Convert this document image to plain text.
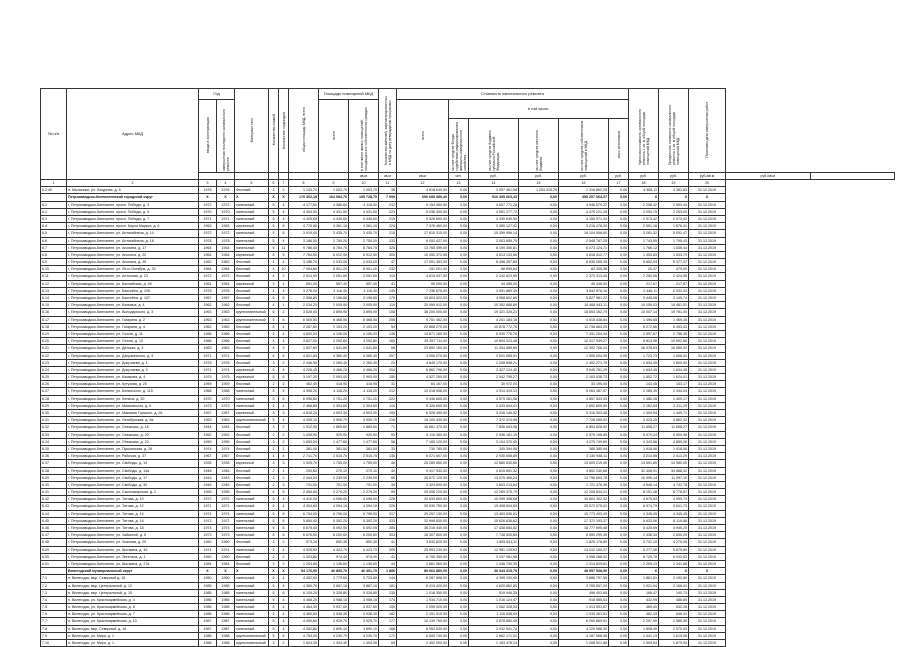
№ п/п	Адрес МКД	Год		Материал стен	Количество этажей	Количество подъездов	общая площадь МКД, всего	Площадь помещений МКД		Количество жителей, зарегистрированных в МКД на дату утверждения программы	Стоимость капитального ремонта						Удельная стоимость капитального ремонта 1 кв. м общей площади помещений МКД	Предельная стоимость капитального ремонта 1 кв. м общей площади помещений МКД	Плановая дата завершения работ		
		ввода в эксплуатацию	завершения последнего капитального ремонта					всего	в том числе жилых помещений, находящихся в собственности граждан		всего	в том числе:									
												за счет средств Фонда содействия реформированию жилищно-коммунального хозяйства	за счет средств бюджета субъекта Российской Федерации	за счет средств местного бюджета	за счет средств собственников помещений в МКД	иных источников					
									кв.м	кв.м	кв.м	чел.	руб.	руб.	руб.	руб.	руб.	руб.	руб./кв.м	руб./кв.м	
1	2	3	4	5	6	7	8	9	10	11	12	13	14	15	16	17	18	19	20		
5.2.40	п. Мыльники, ул. Лазурная, д. 5	1976	1976	блочный	3	2	1 143,70	1 003,70	1 003,70	38	4 618 640,00	0,00	3 097 461,96	1 204 315,79	1 316 862,25	0,00	4 368,11	4 381,63	31.12.2019		
	Петрозаводско-Кингисеппский городской округ	X	X	X	X	X	170 402,18	164 084,70	155 728,70	7 999	696 685 980,40	0,00	510 395 663,43	0,00	395 257 064,37	0,00	X	X	X		
6.1	г. Петрозаводско-Кингисепп, просп. Победы, д. 3	1972	1972	панельный	5	4	4 177,50	4 386,60	4 116,00	212	9 154 450,50	0,00	4 607 771,28	0,00	4 546 679,22	0,00	2 298,42	2 553,44	31.12.2019		
6.2	г. Петрозаводско-Кингисепп, просп. Победы, д. 5	1970	1970	панельный	5	4	4 404,50	4 431,50	4 431,50	223	9 036 400,00	0,00	4 551 177,72	0,00	4 475 221,28	0,00	2 053,75	2 253,00	31.12.2019		
6.3	г. Петрозаводско-Кингисепп, просп. Победы, д. 7	1971	1971	панельный	5	4	4 405,60	4 445,60	4 445,60	215	9 526 690,00	0,00	3 339 649,50	0,00	4 155 971,34	0,00	2 073,42	2 073,42	31.12.2019		
6.4	г. Петрозаводско-Кингисепп, просп. Карла Маркса, д. 6	1963	1963	кирпичный	5	6	4 778,80	4 361,10	4 361,10	224	7 976 460,00	0,00	3 389 127,42	0,00	3 216 478,20	0,00	2 551,16	1 676,41	31.12.2019		
6.5	г. Петрозаводско-Кингисепп, ул. Антикайнена, д. 14	1972	1972	панельный	5	6	3 919,40	3 435,70	3 435,70	215	17 810 315,00	0,00	15 359 996,14	0,00	18 104 556,60	0,00	3 281,32	5 091,47	31.12.2019		
6.6	г. Петрозаводско-Кингисепп, ул. Антикайнена, д. 16	1978	1978	панельный	5	4	3 166,50	2 750,20	2 750,20	133	6 052 427,00	0,00	2 503 659,75	0,00	2 548 767,25	0,00	1 743,95	1 795,43	31.12.2019		
6.7	г. Петрозаводско-Кингисепп, ул. Анохина, д. 17	1964	1964	панельный	5	11	9 786,00	8 784,70	8 784,70	325	13 765 499,00	0,00	6 159 355,81	0,00	6 073 124,71	0,00	1 766,12	1 836,44	31.12.2019		
6.8	г. Петрозаводско-Кингисепп, ул. Анохина, д. 22	1964	1964	кирпичный	5	5	7 764,00	6 912,90	6 912,90	305	10 050 372,00	0,00	4 613 133,66	0,00	4 618 412,77	0,00	1 453,83	1 533,79	31.12.2019		
6.9	г. Петрозаводско-Кингисепп, ул. Анохина, д. 25	1962	1962	блочный	4	4	3 186,70	2 033,00	2 033,00	47	17 091 453,00	0,00	8 456 397,65	0,00	8 635 055,35	0,00	5 652,94	5 377,37	31.12.2019		
6.10	г. Петрозаводско-Кингисепп, ул. 25-го Октября, д. 33	1964	1964	блочный	4	10	7 404,60	6 901,20	6 901,20	232	151 001,00	0,00	68 695,64	0,00	82 305,36	0,00	20,37	479,00	31.12.2019		
6.11	г. Петрозаводско-Кингисепп, ул. Антонова, д. 23	1972	1972	блочный	4	2	2 514,00	2 051,60	2 051,60	113	4 615 937,00	0,00	2 242 623,55	0,00	2 373 313,45	0,00	2 250,06	2 424,55	31.12.2019		
6.12	г. Петрозаводско-Кингисепп, ул. Балтийская, д. 4б	1961	1961	кирпичный	3	1	591,00	557,40	557,40	41	99 000,00	0,00	44 485,00	0,00	45 446,00	0,00	217,67	217,67	31.12.2019		
6.13	г. Петрозаводско-Кингисепп, ул. Бассейна, д. 106	1976	1976	блочный	4	4	3 276,00	3 116,30	3 116,30	135	7 236 675,00	0,00	3 591 869,49	0,00	3 642 876,16	0,00	2 446,11	2 332,33	31.12.2019		
6.14	г. Петрозаводско-Кингисепп, ул. Бассейна, д. 107	1967	1967	блочный	5	6	2 556,80	3 196,80	3 196,80	179	10 603 522,00	0,00	4 968 602,66	0,00	5 827 981,22	0,00	3 445,08	3 145,74	31.12.2019		
6.15	г. Петрозаводско-Кингисепп, ул. Бахмача, д. 4	1962	1962	блочный	4	1	2 034,20	2 005,90	2 005,90	119	20 959 912,00	0,00	10 392 888,89	0,00	10 466 943,11	0,00	10 159,03	10 481,51	31.12.2019		
6.16	г. Петрозаводско-Кингисепп, ул. Володарского, д. 3	1963	1963	крупнопанельный	5	2	3 628,00	3 895,90	3 895,90	108	38 200 000,00	0,00	19 321 326,21	0,00	18 853 162,79	0,00	10 007,14	10 781,00	31.12.2019		
6.17	г. Петрозаводско-Кингисепп, ул. Гагарина, д. 2	1963	1963	крупнопанельный	5	6	6 505,50	6 468,50	6 468,50	259	9 751 452,00	0,00	4 201 184,16	0,00	4 515 438,84	0,00	1 496,65	1 469,35	31.12.2019		
6.18	г. Петрозаводско-Кингисепп, ул. Гагарина, д. 4	1962	1962	блочный	5	4	2 287,60	2 103,20	2 103,20	54	22 868 270,00	0,00	10 878 772,75	0,00	11 738 664,25	0,00	6 272,66	6 453,43	31.12.2019		
6.19	г. Петрозаводско-Кингисепп, ул. Гоголя, д. 11	1966	1966	блочный	5	4	4 600,00	4 106,00	4 106,00	135	14 871 180,00	0,00	6 935 776,76	0,00	7 431 204,44	0,00	2 597,67	2 756,35	31.12.2019		
6.20	г. Петрозаводско-Кингисепп, ул. Гоголя, д. 13	1966	1966	блочный	4	4	3 627,00	3 292,80	3 292,80	165	25 397 711,00	0,00	10 804 313,46	0,00	12 317 939,27	0,00	9 813,98	10 592,66	31.12.2019		
6.21	г. Петрозаводско-Кингисепп, ул. Детская, д. 3	1963	1963	блочный	5	3	1 627,60	1 541,80	1 541,80	68	23 692 150,00	0,00	11 304 589,85	0,00	12 392 708,24	0,00	16 378,63	16 980,02	31.12.2019		
6.22	г. Петрозаводско-Кингисепп, ул. Дзержинского, д. 9	1971	1971	блочный	4	6	4 821,83	4 380,40	4 380,40	257	3 906 070,00	0,00	2 001 065,91	0,00	1 905 004,09	0,00	1 723,73	1 656,01	31.12.2019		
6.23	г. Петрозаводско-Кингисепп, ул. Докучаева, д. 1	1976	1976	блочный	3	2	2 446,50	2 260,40	2 260,40	23	4 649 170,00	0,00	2 208 898,21	0,00	2 402 271,79	0,00	1 634,45	1 800,90	31.12.2019		
6.24	г. Петрозаводско-Кингисепп, ул. Докучаева, д. 3	1974	1974	кирпичный	5	4	4 226,45	4 466,20	4 466,20	204	6 862 796,00	0,00	3 327 124,40	0,00	3 545 781,29	0,00	1 634,45	1 634,45	31.12.2019		
6.25	г. Петрозаводско-Кингисепп, ул. Казакова, д. 4	1975	1975	кирпичный	5	6	3 197,30	2 993,00	2 993,00	150	4 527 250,00	0,00	2 042 795,27	0,00	2 163 038,73	0,00	1 552,72	1 624,01	31.12.2019		
6.26	г. Петрозаводско-Кингисепп, ул. Кутузова, д. 20	1959	1959	блочный	2	2	462,40	418,90	418,90	31	64 167,00	0,00	30 972,00	0,00	33 195,00	0,00	143,45	153,17	31.12.2019		
6.27	г. Петрозаводско-Кингисепп, ул. Белинского, д. 115	1968	1968	панельный	5	4	4 396,20	4 118,20	4 118,20	212	10 018 906,00	0,00	4 914 419,13	0,00	5 064 487,57	0,00	2 285,39	2 344,04	31.12.2019		
6.28	г. Петрозаводско-Кингисепп, ул. Ленина, д. 30	1970	1970	панельный	5	6	6 996,80	2 701,20	2 701,20	222	9 436 805,00	0,00	4 579 261,08	0,00	4 857 543,93	0,00	1 486,28	1 409,17	31.12.2019		
6.29	г. Петрозаводско-Кингисепп, ул. Маяковского, д. 5	1973	1973	панельный	5	4	2 468,85	2 304,60	2 304,60	110	5 326 650,00	0,00	2 433 844,41	0,00	2 892 805,59	0,00	2 162,84	2 311,29	31.12.2019		
6.30	г. Петрозаводско-Кингисепп, ул. Максима Горького, д. 26	1957	1957	кирпичный	3	3	4 818,20	4 503,30	4 503,30	195	6 528 450,00	0,00	3 216 146,52	0,00	3 316 303,48	0,00	1 354,94	1 449,71	31.12.2019		
6.31	г. Петрозаводско-Кингисепп, ул. Октябрьская, д. 9а	1963	1963	крупнопанельный	5	4	4 405,10	3 909,70	3 909,70	216	15 100 430,00	0,00	7 372 374,98	0,00	7 728 055,02	0,00	3 423,25	3 862,33	31.12.2019		
6.32	г. Петрозаводско-Кингисепп, ул. Онежская, д. 18	1944	1944	блочный	3	2	1 912,00	1 869,60	1 869,60	71	16 661 470,00	0,00	7 806 643,08	0,00	8 854 826,92	0,00	11 658,27	11 658,27	31.12.2019		
6.33	г. Петрозаводско-Кингисепп, ул. Онежская, д. 20	1952	1952	блочный	2	2	1 008,90	929,90	929,90	53	5 115 380,00	0,00	2 536 181,15	0,00	2 579 198,85	0,00	5 070,24	5 500,98	31.12.2019		
6.34	г. Петрозаводско-Кингисепп, ул. Онежская, д. 22	1959	1959	блочный	3	2	1 653,00	1 477,60	1 477,60	56	7 180 120,00	0,00	3 104 370,40	0,00	4 075 749,60	0,00	4 343,66	4 859,26	31.12.2019		
6.35	г. Петрозаводско-Кингисепп, ул. Пушкинская, д. 26	1974	1974	блочный	1	1	381,00	381,00	381,00	33	730 780,00	0,00	345 394,06	0,00	385 385,94	0,00	1 918,06	1 918,06	31.12.2019		
6.36	г. Петрозаводско-Кингисепп, ул. Рабочая, д. 37	1967	1967	блочный	4	4	2 741,70	2 515,70	2 515,70	135	6 071 607,00	0,00	2 930 658,89	0,00	3 140 948,11	0,00	2 214,55	2 413,29	31.12.2019		
6.37	г. Петрозаводско-Кингисепп, ул. Свободы, д. 14	1935	1935	кирпичный	3	3	1 925,70	1 755,00	1 755,00	46	26 289 850,00	0,00	12 680 630,60	0,00	13 609 219,40	0,00	13 651,89	14 980,00	31.12.2019		
6.38	г. Петрозаводско-Кингисепп, ул. Свободы, д. 14а	1946	1946	блочный	2	1	290,60	270,10	270,10	40	9 417 932,00	0,00	4 615 691,32	0,00	4 802 240,68	0,00	32 408,91	34 868,32	31.12.2019		
6.39	г. Петрозаводско-Кингисепп, ул. Свободы, д. 17	1943	1943	блочный	3	2	2 444,00	2 239,90	2 239,90	80	26 872 120,00	0,00	13 075 465,24	0,00	13 796 654,76	0,00	10 995,14	11 997,10	31.12.2019		
6.40	г. Петрозаводско-Кингисепп, ул. Свободы, д. 30	1945	1945	блочный	2	3	731,00	701,00	701,00	39	3 324 690,00	0,00	1 603 213,64	0,00	1 721 476,36	0,00	4 548,14	4 742,78	31.12.2019		
6.41	г. Петрозаводско-Кингисепп, ул. Сыктывкарская, д. 2	1955	1955	блочный	4	5	2 454,60	2 279,20	2 279,20	99	20 008 220,00	0,00	12 269 375,79	0,00	12 208 844,21	0,00	8 151,48	8 778,57	31.12.2019		
6.42	г. Петрозаводско-Кингисепп, ул. Титова, д. 10	1972	1972	панельный	5	4	4 410,00	4 098,00	4 098,00	228	20 633 600,00	0,00	10 099 398,68	0,00	10 604 302,32	0,00	4 675,83	4 999,74	31.12.2019		
6.43	г. Петрозаводско-Кингисепп, ул. Титова, д. 12	1971	1971	панельный	5	4	4 404,60	4 094,10	4 094,10	226	39 530 750,00	0,00	19 498 844,59	0,00	20 072 075,41	0,00	8 974,79	9 641,73	31.12.2019		
6.44	г. Петрозаводско-Кингисепп, ул. Титова, д. 14	1974	1974	панельный	5	6	6 734,00	6 796,00	6 796,00	317	29 257 130,00	0,00	13 483 636,51	0,00	15 773 493,49	0,00	4 345,45	4 345,45	31.12.2019		
6.45	г. Петрозаводско-Кингисепп, ул. Титова, д. 16	1972	1972	панельный	5	6	5 854,40	5 392,20	5 392,20	333	32 998 830,00	0,00	15 626 636,63	0,00	17 372 193,37	0,00	5 633,06	6 119,88	31.12.2019		
6.46	г. Петрозаводско-Кингисепп, ул. Титова, д. 18	1974	1974	панельный	5	6	6 675,00	6 092,00	6 092,00	285	36 216 440,00	0,00	17 438 684,52	0,00	18 777 695,48	0,00	5 425,69	5 945,25	31.12.2019		
6.47	г. Петрозаводско-Кингисепп, ул. Чайкиной, д. 5	1973	1973	панельный	5	6	6 676,00	6 200,60	6 200,60	303	16 307 800,00	0,00	7 748 500,65	0,00	8 559 299,35	0,00	2 436,34	2 630,29	31.12.2019		
6.48	г. Петрозаводско-Кингисепп, ул. Чкалова, д. 20	1960	1960	блочный	3	2	973,10	850,30	850,30	41	3 630 820,00	0,00	1 805 641,11	0,00	1 825 178,89	0,00	3 731,19	4 270,06	31.12.2019		
6.49	г. Петрозаводско-Кингисепп, ул. Шотмана, д. 49	1974	1974	панельный	5	4	4 925,90	4 423,70	4 423,70	209	25 993 230,00	0,00	12 981 129,93	0,00	13 012 100,07	0,00	5 277,06	5 875,89	31.12.2019		
6.50	г. Петрозаводско-Кингисепп, ул. Энгельса, д. 1	1950	1950	блочный	2	2	1 003,80	974,40	974,40	41	6 755 350,00	0,00	3 197 081,98	0,00	3 558 268,02	0,00	6 729,78	6 932,83	31.12.2019		
6.51	г. Петрозаводско-Кингисепп, ул. Шотмана, д. 27а	1984	1984	блочный	3	2	1 204,80	1 136,60	1 136,60	44	2 661 560,00	0,00	1 346 730,39	0,00	1 314 829,61	0,00	2 209,13	2 341,68	31.12.2019		
	Вилегодский муниципальный округ	X	X	X	X	X	54 176,90	46 895,70	46 401,70	1 886	89 662 880,00	0,00	36 043 315,79	0,00	48 957 938,59	0,00	X	X	X		
7.1	п. Вилегодск, мкр. Северный д. 15	1990	1990	панельный	5	4	4 452,00	3 779,60	3 733,80	144	8 287 898,00	0,00	4 399 100,45	0,00	3 888 797,55	0,00	1 861,61	2 192,80	31.12.2019		
7.2	п. Вилегодск, мкр. Центральный, д. 12	1985	1985	панельный	5	4	4 380,70	3 887,10	3 887,10	181	8 419 420,00	0,00	4 629 862,80	0,00	3 789 557,20	0,00	1 921,94	2 166,01	31.12.2019		
7.3	п. Вилегодск, мкр. Центральный, д. 15	1985	1985	панельный	5	6	6 105,20	5 328,80	5 328,80	235	1 016 350,00	0,00	519 946,35	0,00	496 403,65	0,00	166,47	190,73	31.12.2019		
7.4	п. Вилегодск, ул. Красноармейская, д. 4	1986	1986	панельный	5	4	4 468,20	3 958,10	3 958,10	174	1 934 710,00	0,00	1 016 124,47	0,00	918 585,53	0,00	432,99	488,80	31.12.2019		
7.5	п. Вилегодск, ул. Красноармейская, д. 6	1986	1986	панельный	5	4	4 464,30	3 937,60	3 937,60	159	2 095 920,00	0,00	1 082 328,33	0,00	1 013 591,67	0,00	469,49	532,28	31.12.2019		
7.6	п. Вилегодск, ул. Красноармейская, д. 7	1986	1986	панельный	5	4	4 460,60	3 938,30	3 938,30	182	2 151 910,00	0,00	1 116 548,49	0,00	1 035 361,51	0,00	482,43	546,41	31.12.2019		
7.7	п. Вилегодск, ул. Красноармейская, д. 10	1987	1987	панельный	5	4	4 490,60	3 929,70	3 929,70	177	10 139 750,00	0,00	3 878 880,49	0,00	6 260 869,51	0,00	2 257,99	2 580,30	31.12.2019		
7.8	п. Вилегодск, мкр. Северный, д. 16	1987	1987	панельный	5	4	4 452,80	3 890,10	3 890,10	166	8 052 630,00	0,00	3 932 541,70	0,00	4 120 088,30	0,00	1 808,45	2 070,03	31.12.2019		
7.9	п. Вилегодск, ул. Мира, д. 1	1988	1988	крупнопанельный	5	6	4 753,00	4 230,70	4 230,70	172	6 849 740,00	0,00	2 662 171,02	0,00	4 187 568,98	0,00	1 441,13	1 619,06	31.12.2019		
7.10	п. Вилегодск, ул. Мира, д. 1	1988	1988	крупнопанельный	3	2	1 624,30	1 304,30	1 304,30	69	2 452 000,00	0,00	1 163 478,14	0,00	1 288 521,86	0,00	1 509,54	1 879,94	31.12.2019		
